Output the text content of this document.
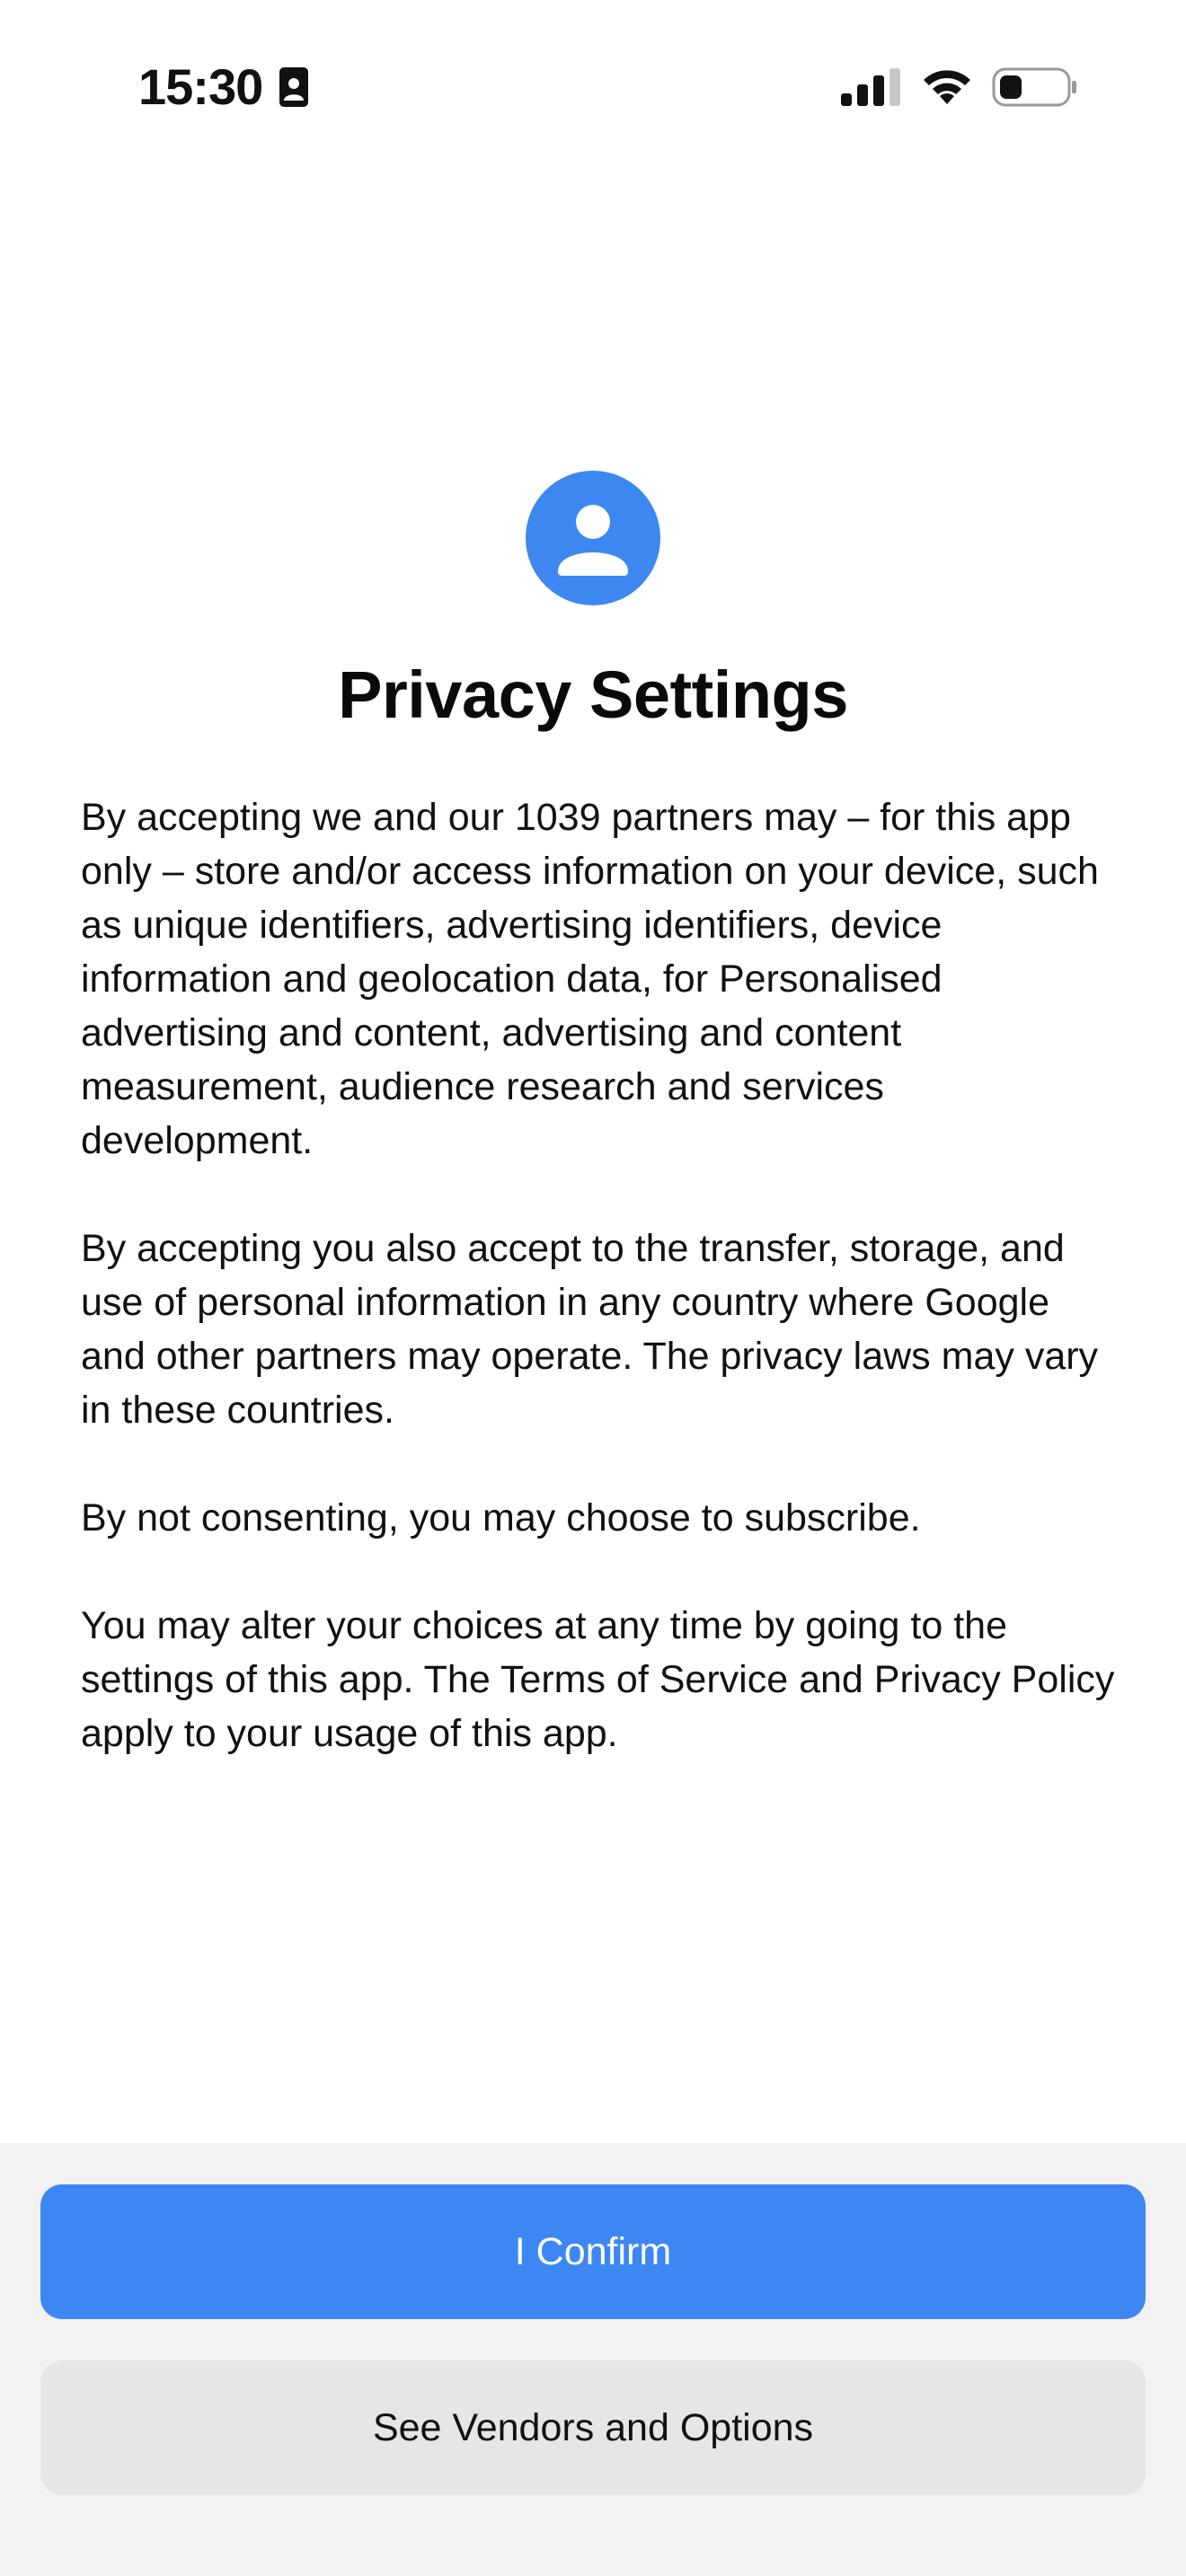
15:30
Privacy Settings

By accepting we and our 1039 partners may – for this app only – store and/or access information on your device, such as unique identifiers, advertising identifiers, device information and geolocation data, for Personalised advertising and content, advertising and content measurement, audience research and services development.

By accepting you also accept to the transfer, storage, and use of personal information in any country where Google and other partners may operate. The privacy laws may vary in these countries.

By not consenting, you may choose to subscribe.

You may alter your choices at any time by going to the settings of this app. The Terms of Service and Privacy Policy apply to your usage of this app.

I Confirm
See Vendors and Options
